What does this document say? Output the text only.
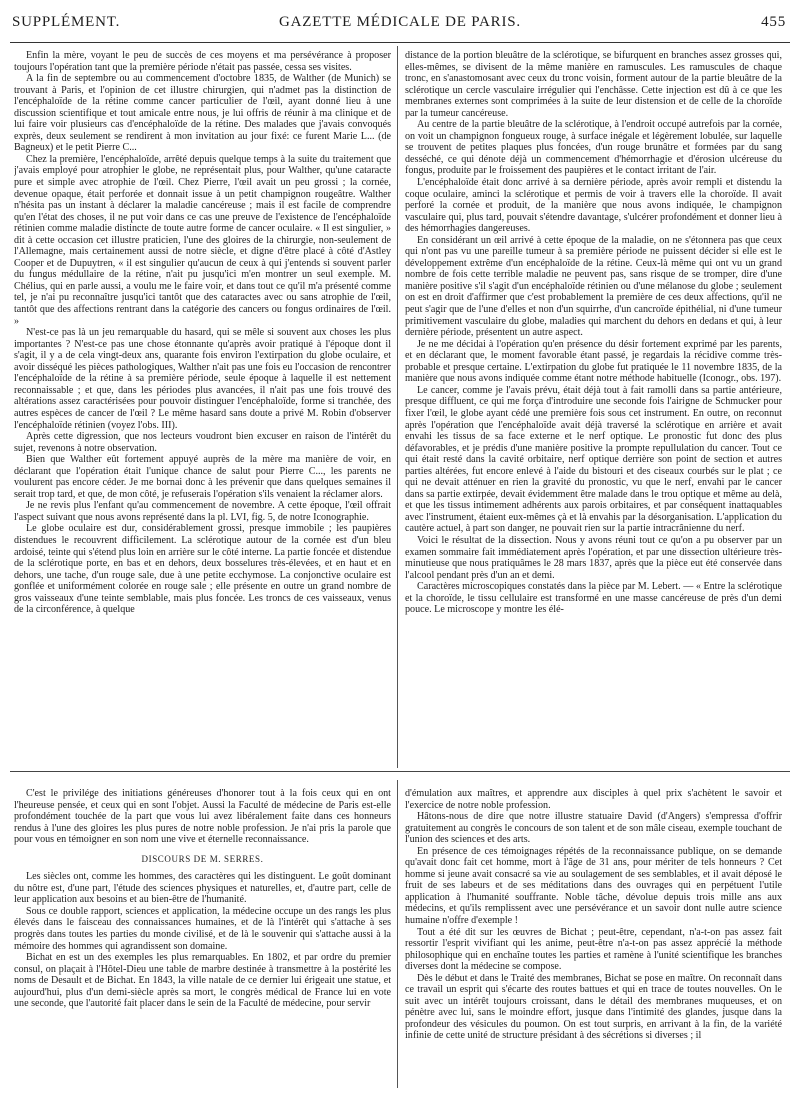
SUPPLÉMENT.	GAZETTE MÉDICALE DE PARIS.	455

Enfin la mère, voyant le peu de succès de ces moyens et ma persévérance à proposer toujours l'opération tant que la première période n'était pas passée, cessa ses visites.

A la fin de septembre ou au commencement d'octobre 1835, de Walther (de Munich) se trouvant à Paris, et l'opinion de cet illustre chirurgien, qui n'admet pas la distinction de l'encéphaloïde de la rétine comme cancer particulier de l'œil, ayant donné lieu à une discussion scientifique et tout amicale entre nous, je lui offris de réunir à ma clinique et de lui faire voir plusieurs cas d'encéphaloïde de la rétine. Des malades que j'avais convoqués exprès, deux seulement se rendirent à mon invitation au jour fixé: ce furent Marie L... (de Bagneux) et le petit Pierre C...

Chez la première, l'encéphaloïde, arrêté depuis quelque temps à la suite du traitement que j'avais employé pour atrophier le globe, ne représentait plus, pour Walther, qu'une cataracte pure et simple avec atrophie de l'œil. Chez Pierre, l'œil avait un peu grossi ; la cornée, devenue opaque, était perforée et donnait issue à un petit champignon rougeâtre. Walther n'hésita pas un instant à déclarer la maladie cancéreuse ; mais il est facile de comprendre qu'en l'état des choses, il ne put voir dans ce cas une preuve de l'existence de l'encéphaloïde rétinien comme maladie distincte de toute autre forme de cancer oculaire. « Il est singulier, » dit à cette occasion cet illustre praticien, l'une des gloires de la chirurgie, non-seulement de l'Allemagne, mais certainement aussi de notre siècle, et digne d'être placé à côté d'Astley Cooper et de Dupuytren, « il est singulier qu'aucun de ceux à qui j'entends si souvent parler du fungus médullaire de la rétine, n'ait pu jusqu'ici m'en montrer un seul exemple. M. Chélius, qui en parle aussi, a voulu me le faire voir, et dans tout ce qu'il m'a présenté comme tel, je n'ai pu reconnaître jusqu'ici tantôt que des cataractes avec ou sans atrophie de l'œil, tantôt que des affections rentrant dans la catégorie des cancers ou fongus ordinaires de l'œil. »

N'est-ce pas là un jeu remarquable du hasard, qui se mêle si souvent aux choses les plus importantes ? N'est-ce pas une chose étonnante qu'après avoir pratiqué à l'époque dont il s'agit, il y a de cela vingt-deux ans, quarante fois environ l'extirpation du globe oculaire, et avoir disséqué les pièces pathologiques, Walther n'ait pas une fois eu l'occasion de rencontrer l'encéphaloïde de la rétine à sa première période, seule époque à laquelle il est nettement reconnaissable ; et que, dans les périodes plus avancées, il n'ait pas une fois trouvé des altérations assez caractérisées pour pouvoir distinguer l'encéphaloïde, forme si tranchée, des autres espèces de cancer de l'œil ? Le même hasard sans doute a privé M. Robin d'observer l'encéphaloïde rétinien (voyez l'obs. III).

Après cette digression, que nos lecteurs voudront bien excuser en raison de l'intérêt du sujet, revenons à notre observation.

Bien que Walther eût fortement appuyé auprès de la mère ma manière de voir, en déclarant que l'opération était l'unique chance de salut pour Pierre C..., les parents ne voulurent pas encore céder. Je me bornai donc à les prévenir que dans quelques semaines il serait trop tard, et que, de mon côté, je refuserais l'opération s'ils venaient la réclamer alors.

Je ne revis plus l'enfant qu'au commencement de novembre. A cette époque, l'œil offrait l'aspect suivant que nous avons représenté dans la pl. LVI, fig. 5, de notre Iconographie.

Le globe oculaire est dur, considérablement grossi, presque immobile ; les paupières distendues le recouvrent difficilement. La sclérotique autour de la cornée est d'un bleu ardoisé, teinte qui s'étend plus loin en arrière sur le côté interne. La partie foncée et distendue de la sclérotique porte, en bas et en dehors, deux bosselures très-élevées, et en haut et en dehors, une tache, d'un rouge sale, due à une petite ecchymose. La conjonctive oculaire est gonflée et uniformément colorée en rouge sale ; elle présente en outre un grand nombre de gros vaisseaux d'une teinte semblable, mais plus foncée. Les troncs de ces vaisseaux, venus de la circonférence, à quelque

distance de la portion bleuâtre de la sclérotique, se bifurquent en branches assez grosses qui, elles-mêmes, se divisent de la même manière en ramuscules. Les ramuscules de chaque tronc, en s'anastomosant avec ceux du tronc voisin, forment autour de la partie bleuâtre de la sclérotique un cercle vasculaire irrégulier qui l'enchâsse. Cette injection est dû à ce que les membranes externes sont comprimées à la suite de leur distension et de celle de la choroïde par la tumeur cancéreuse.

Au centre de la partie bleuâtre de la sclérotique, à l'endroit occupé autrefois par la cornée, on voit un champignon fongueux rouge, à surface inégale et légèrement lobulée, sur laquelle se trouvent de petites plaques plus foncées, d'un rouge brunâtre et formées par du sang desséché, ce qui dénote déjà un commencement d'hémorrhagie et d'érosion ulcéreuse du fongus, produite par le froissement des paupières et le contact irritant de l'air.

L'encéphaloïde était donc arrivé à sa dernière période, après avoir rempli et distendu la coque oculaire, aminci la sclérotique et permis de voir à travers elle la choroïde. Il avait perforé la cornée et produit, de la manière que nous avons indiquée, le champignon vasculaire qui, plus tard, pouvait s'étendre davantage, s'ulcérer profondément et donner lieu à des hémorrhagies dangereuses.

En considérant un œil arrivé à cette époque de la maladie, on ne s'étonnera pas que ceux qui n'ont pas vu une pareille tumeur à sa première période ne puissent décider si elle est le développement extrême d'un encéphaloïde de la rétine. Ceux-là même qui ont vu un grand nombre de fois cette terrible maladie ne peuvent pas, sans risque de se tromper, dire d'une manière positive s'il s'agit d'un encéphaloïde rétinien ou d'une mélanose du globe ; seulement on est en droit d'affirmer que c'est probablement la première de ces deux affections, qu'il ne peut s'agir que de l'une d'elles et non d'un squirrhe, d'un cancroïde épithélial, ni d'une tumeur primitivement vasculaire du globe, maladies qui marchent du dehors en dedans et qui, à leur dernière période, présentent un autre aspect.

Je ne me décidai à l'opération qu'en présence du désir fortement exprimé par les parents, et en déclarant que, le moment favorable étant passé, je regardais la récidive comme très-probable et presque certaine. L'extirpation du globe fut pratiquée le 11 novembre 1835, de la manière que nous avons indiquée comme étant notre méthode habituelle (Iconogr., obs. 197).

Le cancer, comme je l'avais prévu, était déjà tout à fait ramolli dans sa partie antérieure, presque diffluent, ce qui me força d'introduire une seconde fois l'airigne de Schmucker pour fixer l'œil, le globe ayant cédé une première fois sous cet instrument. En outre, on reconnut après l'opération que l'encéphaloïde avait déjà traversé la sclérotique en arrière et avait envahi les tissus de sa face externe et le nerf optique. Le pronostic fut donc des plus défavorables, et je prédis d'une manière positive la prompte repullulation du cancer. Tout ce qui était resté dans la cavité orbitaire, nerf optique derrière son point de section et autres parties altérées, fut encore enlevé à l'aide du bistouri et des ciseaux courbés sur le plat ; ce qui ne devait atténuer en rien la gravité du pronostic, vu que le nerf, envahi par le cancer dans sa partie extirpée, devait évidemment être malade dans le trou optique et même au delà, et que les tissus intimement adhérents aux parois orbitaires, et par conséquent inattaquables avec l'instrument, étaient eux-mêmes çà et là envahis par la désorganisation. L'application du cautère actuel, à part son danger, ne pouvait rien sur la partie intracrânienne du nerf.

Voici le résultat de la dissection. Nous y avons réuni tout ce qu'on a pu observer par un examen sommaire fait immédiatement après l'opération, et par une dissection ultérieure très-minutieuse que nous pratiquâmes le 28 mars 1837, après que la pièce eut été conservée dans l'alcool pendant près d'un an et demi.

Caractères microscopiques constatés dans la pièce par M. Lebert. — « Entre la sclérotique et la choroïde, le tissu cellulaire est transformé en une masse cancéreuse de près d'un demi pouce. Le microscope y montre les élé-

C'est le privilége des initiations généreuses d'honorer tout à la fois ceux qui en ont l'heureuse pensée, et ceux qui en sont l'objet. Aussi la Faculté de médecine de Paris est-elle profondément touchée de la part que vous lui avez libéralement faite dans ces honneurs rendus à l'une des gloires les plus pures de notre noble profession. Je n'ai pris la parole que pour vous en témoigner en son nom une vive et éternelle reconnaissance.

DISCOURS DE M. SERRES.

Les siècles ont, comme les hommes, des caractères qui les distinguent. Le goût dominant du nôtre est, d'une part, l'étude des sciences physiques et naturelles, et, d'autre part, celle de leur application aux besoins et au bien-être de l'humanité.

Sous ce double rapport, sciences et application, la médecine occupe un des rangs les plus élevés dans le faisceau des connaissances humaines, et de là l'intérêt qui s'attache à ses progrès dans toutes les parties du monde civilisé, et de là le souvenir qui s'attache aussi à la mémoire des hommes qui agrandissent son domaine.

Bichat en est un des exemples les plus remarquables. En 1802, et par ordre du premier consul, on plaçait à l'Hôtel-Dieu une table de marbre destinée à transmettre à la postérité les noms de Desault et de Bichat. En 1843, la ville natale de ce dernier lui érigeait une statue, et aujourd'hui, plus d'un demi-siècle après sa mort, le congrès médical de France lui en vote une seconde, que l'autorité fait placer dans le sein de la Faculté de médecine, pour servir

d'émulation aux maîtres, et apprendre aux disciples à quel prix s'achètent le savoir et l'exercice de notre noble profession.

Hâtons-nous de dire que notre illustre statuaire David (d'Angers) s'empressa d'offrir gratuitement au congrès le concours de son talent et de son mâle ciseau, exemple touchant de l'union des sciences et des arts.

En présence de ces témoignages répétés de la reconnaissance publique, on se demande qu'avait donc fait cet homme, mort à l'âge de 31 ans, pour mériter de tels honneurs ? Cet homme si jeune avait consacré sa vie au soulagement de ses semblables, et il avait déposé le fruit de ses labeurs et de ses méditations dans des ouvrages qui en perpétuent l'utile application à l'humanité souffrante. Noble tâche, dévolue depuis trois mille ans aux médecins, et qu'ils remplissent avec une persévérance et un savoir dont nulle autre science humaine n'offre d'exemple !

Tout a été dit sur les œuvres de Bichat ; peut-être, cependant, n'a-t-on pas assez fait ressortir l'esprit vivifiant qui les anime, peut-être n'a-t-on pas assez apprécié la méthode philosophique qui en enchaîne toutes les parties et ramène à l'unité scientifique les branches diverses dont la médecine se compose.

Dès le début et dans le Traité des membranes, Bichat se pose en maître. On reconnaît dans ce travail un esprit qui s'écarte des routes battues et qui en trace de toutes nouvelles. On le suit avec un intérêt toujours croissant, dans le détail des membranes muqueuses, et on pénètre avec lui, sans le moindre effort, jusque dans l'intimité des glandes, jusque dans la profondeur des vésicules du poumon. On est tout surpris, en arrivant à la fin, de la variété infinie de cette unité de structure présidant à des sécrétions si diverses ; il
